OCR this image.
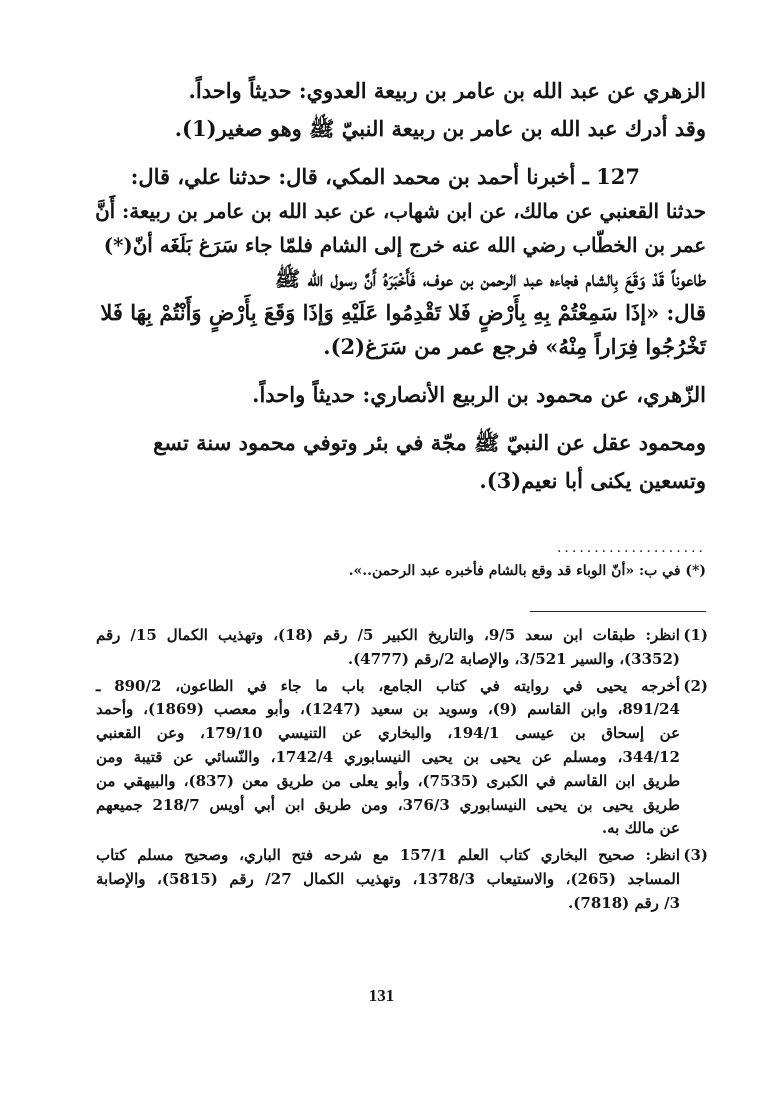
الزهري عن عبد الله بن عامر بن ربيعة العدوي: حديثاً واحداً.
وقد أدرك عبد الله بن عامر بن ربيعة النبيّ ﷺ وهو صغير(1).
127 ـ أخبرنا أحمد بن محمد المكي، قال: حدثنا علي، قال:
حدثنا القعنبي عن مالك، عن ابن شهاب، عن عبد الله بن عامر بن ربيعة: أَنَّ
عمر بن الخطّاب رضي الله عنه خرج إلى الشام فلمّا جاء سَرَغ بَلَغَه أنّ(*)
طاعوناً قَدْ وَقَعَ بِالشام فجاءه عبد الرحمن بن عوف، فَأَخْبَرَهُ أَنَّ رسول الله ﷺ
قال: «إذَا سَمِعْتُمْ بِهِ بِأَرْضٍ فَلا تَقْدِمُوا عَلَيْهِ وَإذَا وَقَعَ بِأَرْضٍ وَأَنْتُمْ بِهَا فَلا
تَخْرُجُوا فِرَاراً مِنْهُ» فرجع عمر من سَرَغ(2).
الزّهري، عن محمود بن الربيع الأنصاري: حديثاً واحداً.
ومحمود عقل عن النبيّ ﷺ مجّة في بئر وتوفي محمود سنة تسع
وتسعين يكنى أبا نعيم(3).
....................
(*) في ب: «أنّ الوباء قد وقع بالشام فأخبره عبد الرحمن..».
(1)
انظر: طبقات ابن سعد 9/5، والتاريخ الكبير 5/ رقم (18)، وتهذيب الكمال 15/ رقم
(3352)، والسير 3/521، والإصابة 2/رقم (4777).
(2)
أخرجه يحيى في روايته في كتاب الجامع، باب ما جاء في الطاعون، 890/2 ـ
891/24، وابن القاسم (9)، وسويد بن سعيد (1247)، وأبو معصب (1869)، وأحمد
عن إسحاق بن عيسى 194/1، والبخاري عن التنيسي 179/10، وعن القعنبي
344/12، ومسلم عن يحيى بن يحيى النيسابوري 1742/4، والنّسائي عن قتيبة ومن
طريق ابن القاسم في الكبرى (7535)، وأبو يعلى من طريق معن (837)، والبيهقي من
طريق يحيى بن يحيى النيسابوري 376/3، ومن طريق ابن أبي أويس 218/7 جميعهم
عن مالك به.
(3)
انظر: صحيح البخاري كتاب العلم 157/1 مع شرحه فتح الباري، وصحيح مسلم كتاب
المساجد (265)، والاستيعاب 1378/3، وتهذيب الكمال 27/ رقم (5815)، والإصابة
3/ رقم (7818).
131
